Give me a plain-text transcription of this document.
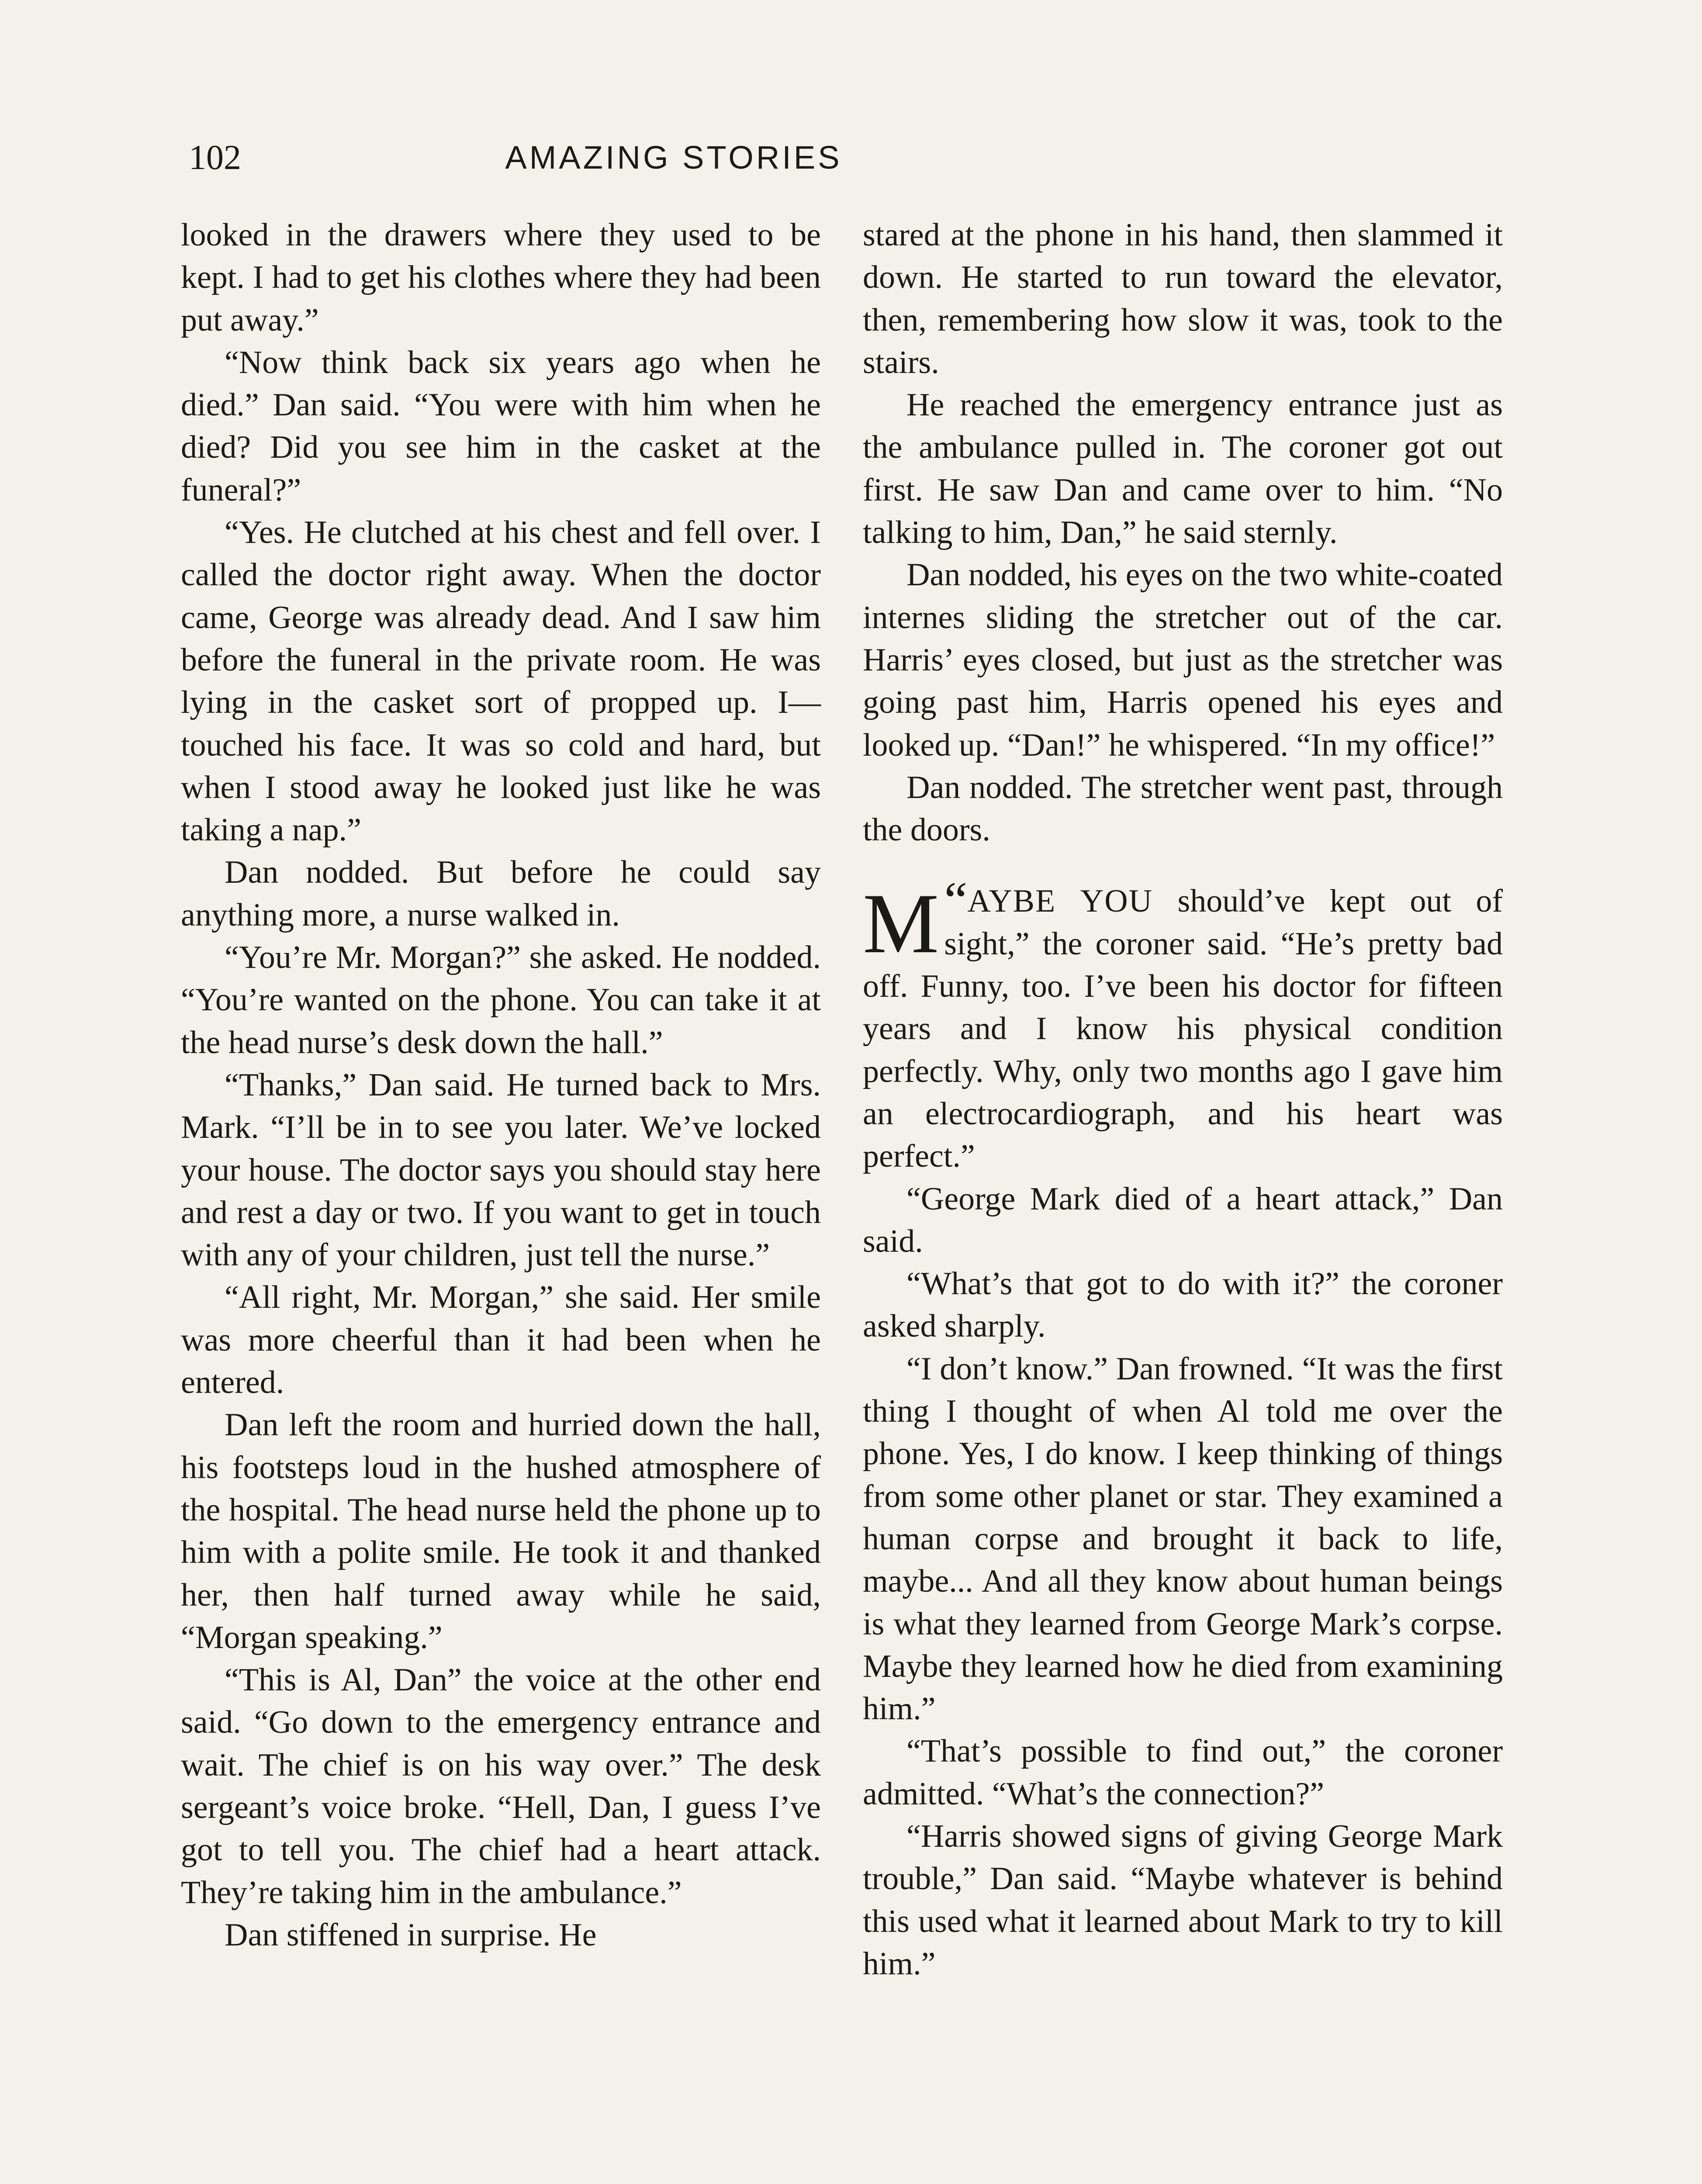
102	AMAZING STORIES

looked in the drawers where they used to be kept. I had to get his clothes where they had been put away.”

“Now think back six years ago when he died.” Dan said. “You were with him when he died? Did you see him in the casket at the funeral?”

“Yes. He clutched at his chest and fell over. I called the doctor right away. When the doctor came, George was already dead. And I saw him before the funeral in the private room. He was lying in the casket sort of propped up. I—touched his face. It was so cold and hard, but when I stood away he looked just like he was taking a nap.”

Dan nodded. But before he could say anything more, a nurse walked in.

“You’re Mr. Morgan?” she asked. He nodded. “You’re wanted on the phone. You can take it at the head nurse’s desk down the hall.”

“Thanks,” Dan said. He turned back to Mrs. Mark. “I’ll be in to see you later. We’ve locked your house. The doctor says you should stay here and rest a day or two. If you want to get in touch with any of your children, just tell the nurse.”

“All right, Mr. Morgan,” she said. Her smile was more cheerful than it had been when he entered.

Dan left the room and hurried down the hall, his footsteps loud in the hushed atmosphere of the hospital. The head nurse held the phone up to him with a polite smile. He took it and thanked her, then half turned away while he said, “Morgan speaking.”

“This is Al, Dan” the voice at the other end said. “Go down to the emergency entrance and wait. The chief is on his way over.” The desk sergeant’s voice broke. “Hell, Dan, I guess I’ve got to tell you. The chief had a heart attack. They’re taking him in the ambulance.”

Dan stiffened in surprise. He

stared at the phone in his hand, then slammed it down. He started to run toward the elevator, then, remembering how slow it was, took to the stairs.

He reached the emergency entrance just as the ambulance pulled in. The coroner got out first. He saw Dan and came over to him. “No talking to him, Dan,” he said sternly.

Dan nodded, his eyes on the two white-coated internes sliding the stretcher out of the car. Harris’ eyes closed, but just as the stretcher was going past him, Harris opened his eyes and looked up. “Dan!” he whispered. “In my office!”

Dan nodded. The stretcher went past, through the doors.

“
M AYBE YOU should’ve kept out of sight,” the coroner said. “He’s pretty bad off. Funny, too. I’ve been his doctor for fifteen years and I know his physical condition perfectly. Why, only two months ago I gave him an electrocardiograph, and his heart was perfect.”

“George Mark died of a heart attack,” Dan said.

“What’s that got to do with it?” the coroner asked sharply.

“I don’t know.” Dan frowned. “It was the first thing I thought of when Al told me over the phone. Yes, I do know. I keep thinking of things from some other planet or star. They examined a human corpse and brought it back to life, maybe... And all they know about human beings is what they learned from George Mark’s corpse. Maybe they learned how he died from examining him.”

“That’s possible to find out,” the coroner admitted. “What’s the connection?”

“Harris showed signs of giving George Mark trouble,” Dan said. “Maybe whatever is behind this used what it learned about Mark to try to kill him.”
